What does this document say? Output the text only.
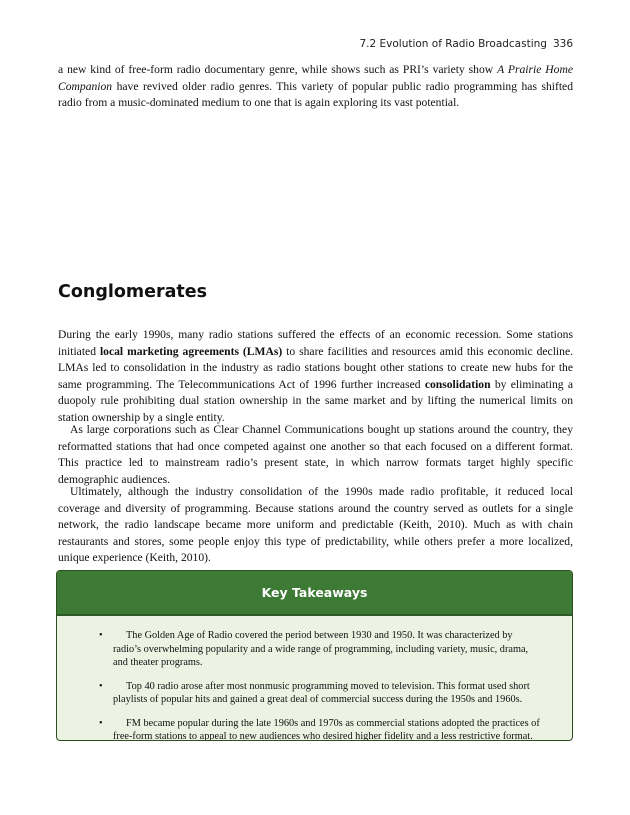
7.2 Evolution of Radio Broadcasting 336

a new kind of free-form radio documentary genre, while shows such as PRI’s variety show A Prairie Home Companion have revived older radio genres. This variety of popular public radio programming has shifted radio from a music-dominated medium to one that is again exploring its vast potential.

Conglomerates

During the early 1990s, many radio stations suffered the effects of an economic recession. Some stations initiated local marketing agreements (LMAs) to share facilities and resources amid this economic decline. LMAs led to consolidation in the industry as radio stations bought other stations to create new hubs for the same programming. The Telecommunications Act of 1996 further increased consolidation by eliminating a duopoly rule prohibiting dual station ownership in the same market and by lifting the numerical limits on station ownership by a single entity.

As large corporations such as Clear Channel Communications bought up stations around the country, they reformatted stations that had once competed against one another so that each focused on a different format. This practice led to mainstream radio’s present state, in which narrow formats target highly specific demographic audiences.

Ultimately, although the industry consolidation of the 1990s made radio profitable, it reduced local coverage and diversity of programming. Because stations around the country served as outlets for a single network, the radio landscape became more uniform and predictable (Keith, 2010). Much as with chain restaurants and stores, some people enjoy this type of predictability, while others prefer a more localized, unique experience (Keith, 2010).

Key Takeaways
•	The Golden Age of Radio covered the period between 1930 and 1950. It was characterized by radio’s overwhelming popularity and a wide range of programming, including variety, music, drama, and theater programs.
•	Top 40 radio arose after most nonmusic programming moved to television. This format used short playlists of popular hits and gained a great deal of commercial success during the 1950s and 1960s.
•	FM became popular during the late 1960s and 1970s as commercial stations adopted the practices of free-form stations to appeal to new audiences who desired higher fidelity and a less restrictive format.
